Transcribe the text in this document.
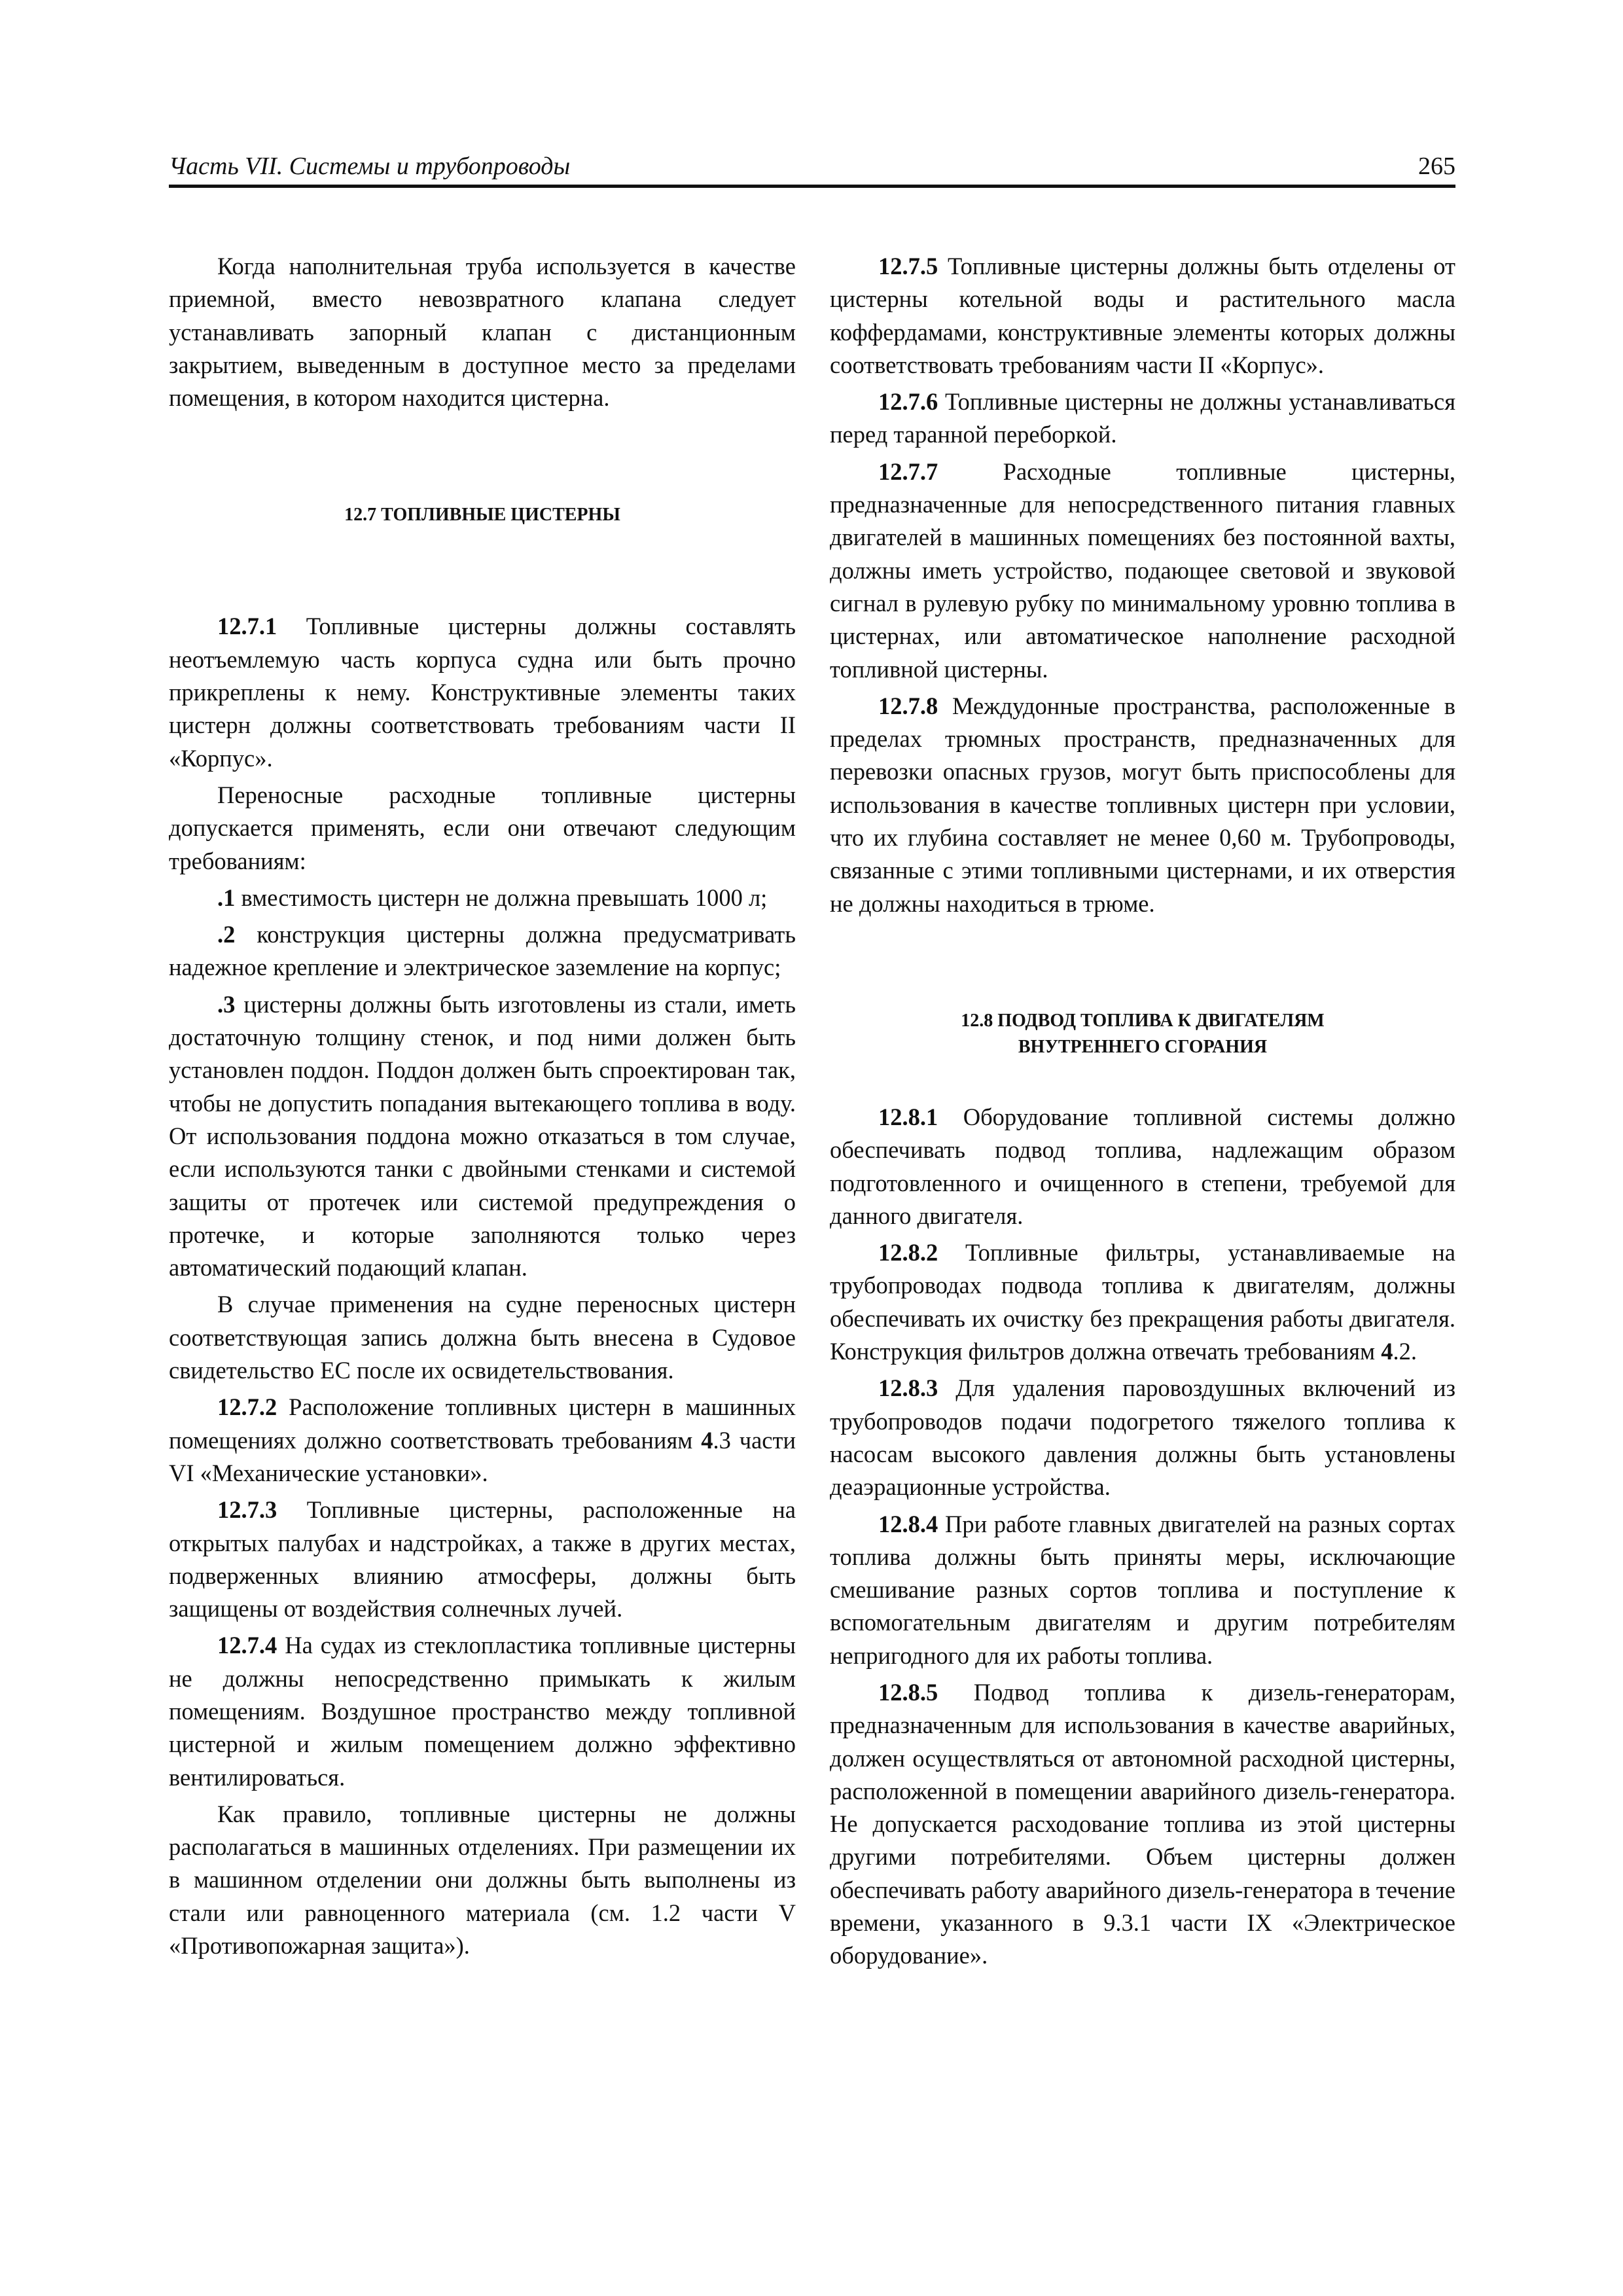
Часть VII. Системы и трубопроводы	265

Когда наполнительная труба используется в качестве приемной, вместо невозвратного клапана следует устанавливать запорный клапан с дистанционным закрытием, выведенным в доступное место за пределами помещения, в котором находится цистерна.

12.7 ТОПЛИВНЫЕ ЦИСТЕРНЫ

12.7.1 Топливные цистерны должны составлять неотъемлемую часть корпуса судна или быть прочно прикреплены к нему. Конструктивные элементы таких цистерн должны соответствовать требованиям части II «Корпус».

Переносные расходные топливные цистерны допускается применять, если они отвечают следующим требованиям:

.1 вместимость цистерн не должна превышать 1000 л;

.2 конструкция цистерны должна предусматривать надежное крепление и электрическое заземление на корпус;

.3 цистерны должны быть изготовлены из стали, иметь достаточную толщину стенок, и под ними должен быть установлен поддон. Поддон должен быть спроектирован так, чтобы не допустить попадания вытекающего топлива в воду. От использования поддона можно отказаться в том случае, если используются танки с двойными стенками и системой защиты от протечек или системой предупреждения о протечке, и которые заполняются только через автоматический подающий клапан.

В случае применения на судне переносных цистерн соответствующая запись должна быть внесена в Судовое свидетельство ЕС после их освидетельствования.

12.7.2 Расположение топливных цистерн в машинных помещениях должно соответствовать требованиям 4.3 части VI «Механические установки».

12.7.3 Топливные цистерны, расположенные на открытых палубах и надстройках, а также в других местах, подверженных влиянию атмосферы, должны быть защищены от воздействия солнечных лучей.

12.7.4 На судах из стеклопластика топливные цистерны не должны непосредственно примыкать к жилым помещениям. Воздушное пространство между топливной цистерной и жилым помещением должно эффективно вентилироваться.

Как правило, топливные цистерны не должны располагаться в машинных отделениях. При размещении их в машинном отделении они должны быть выполнены из стали или равноценного материала (см. 1.2 части V «Противопожарная защита»).

12.7.5 Топливные цистерны должны быть отделены от цистерны котельной воды и растительного масла коффердамами, конструктивные элементы которых должны соответствовать требованиям части II «Корпус».

12.7.6 Топливные цистерны не должны устанавливаться перед таранной переборкой.

12.7.7 Расходные топливные цистерны, предназначенные для непосредственного питания главных двигателей в машинных помещениях без постоянной вахты, должны иметь устройство, подающее световой и звуковой сигнал в рулевую рубку по минимальному уровню топлива в цистернах, или автоматическое наполнение расходной топливной цистерны.

12.7.8 Междудонные пространства, расположенные в пределах трюмных пространств, предназначенных для перевозки опасных грузов, могут быть приспособлены для использования в качестве топливных цистерн при условии, что их глубина составляет не менее 0,60 м. Трубопроводы, связанные с этими топливными цистернами, и их отверстия не должны находиться в трюме.

12.8 ПОДВОД ТОПЛИВА К ДВИГАТЕЛЯМ
ВНУТРЕННЕГО СГОРАНИЯ

12.8.1 Оборудование топливной системы должно обеспечивать подвод топлива, надлежащим образом подготовленного и очищенного в степени, требуемой для данного двигателя.

12.8.2 Топливные фильтры, устанавливаемые на трубопроводах подвода топлива к двигателям, должны обеспечивать их очистку без прекращения работы двигателя. Конструкция фильтров должна отвечать требованиям 4.2.

12.8.3 Для удаления паровоздушных включений из трубопроводов подачи подогретого тяжелого топлива к насосам высокого давления должны быть установлены деаэрационные устройства.

12.8.4 При работе главных двигателей на разных сортах топлива должны быть приняты меры, исключающие смешивание разных сортов топлива и поступление к вспомогательным двигателям и другим потребителям непригодного для их работы топлива.

12.8.5 Подвод топлива к дизель-генераторам, предназначенным для использования в качестве аварийных, должен осуществляться от автономной расходной цистерны, расположенной в помещении аварийного дизель-генератора. Не допускается расходование топлива из этой цистерны другими потребителями. Объем цистерны должен обеспечивать работу аварийного дизель-генератора в течение времени, указанного в 9.3.1 части IX «Электрическое оборудование».
